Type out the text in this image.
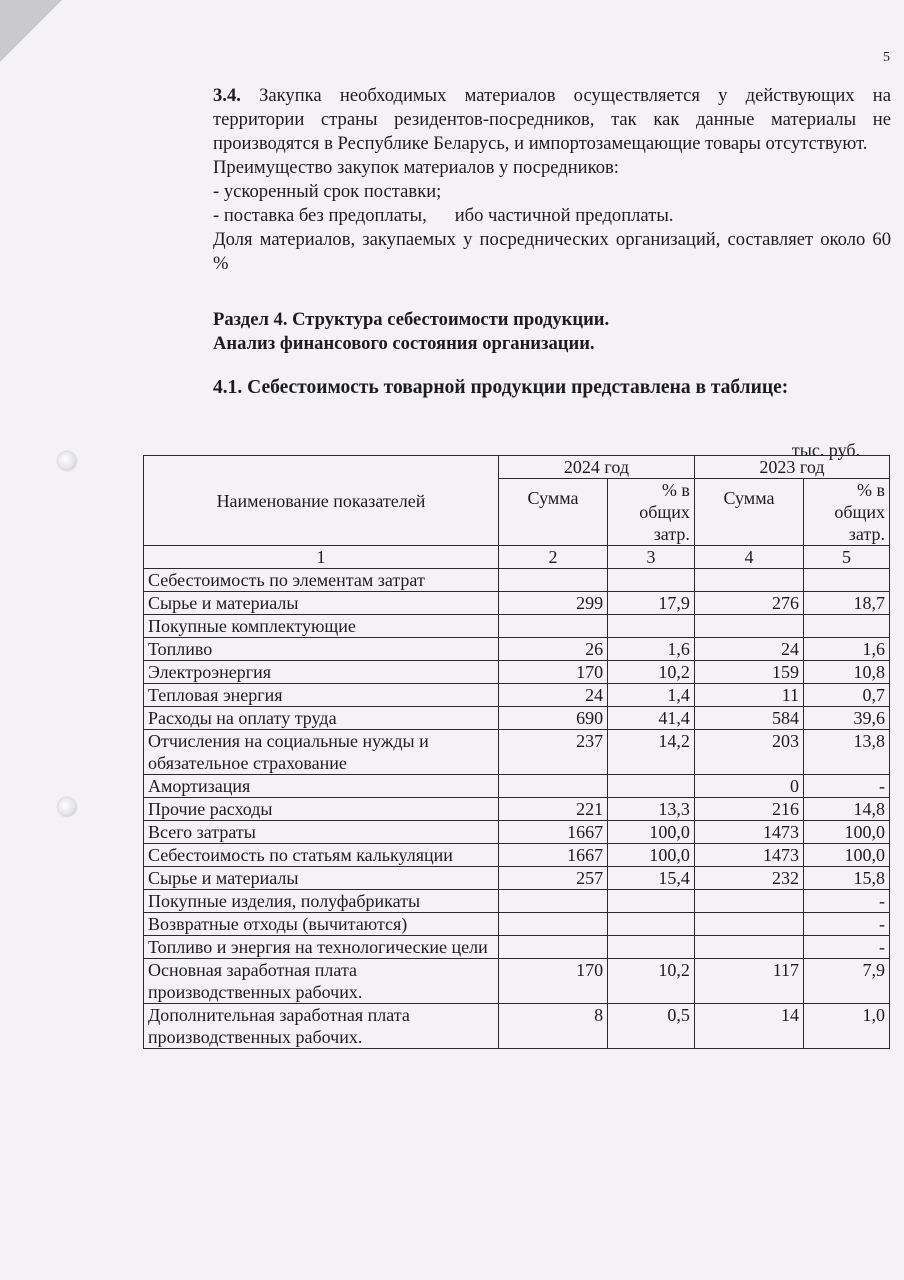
5

3.4. Закупка необходимых материалов осуществляется у действующих на территории страны резидентов-посредников, так как данные материалы не производятся в Республике Беларусь, и импортозамещающие товары отсутствуют.

Преимущество закупок материалов у посредников:

- ускоренный срок поставки;

- поставка без предоплаты,      ибо частичной предоплаты.

Доля материалов, закупаемых у посреднических организаций, составляет около 60 %

Раздел 4. Структура себестоимости продукции.

Анализ финансового состояния организации.

4.1. Себестоимость товарной продукции представлена в таблице:

тыс. руб.
Наименование показателей	2024 год		2023 год	
	Сумма	% в общих затр.	Сумма	% в общих затр.
1	2	3	4	5
Себестоимость по элементам затрат				
Сырье и материалы	299	17,9	276	18,7
Покупные комплектующие				
Топливо	26	1,6	24	1,6
Электроэнергия	170	10,2	159	10,8
Тепловая энергия	24	1,4	11	0,7
Расходы на оплату труда	690	41,4	584	39,6
Отчисления на социальные нужды и обязательное страхование	237	14,2	203	13,8
Амортизация			0	-
Прочие расходы	221	13,3	216	14,8
Всего затраты	1667	100,0	1473	100,0
Себестоимость по статьям калькуляции	1667	100,0	1473	100,0
Сырье и материалы	257	15,4	232	15,8
Покупные изделия, полуфабрикаты				-
Возвратные отходы (вычитаются)				-
Топливо и энергия на технологические цели				-
Основная заработная плата производственных рабочих.	170	10,2	117	7,9
Дополнительная заработная плата производственных рабочих.	8	0,5	14	1,0
